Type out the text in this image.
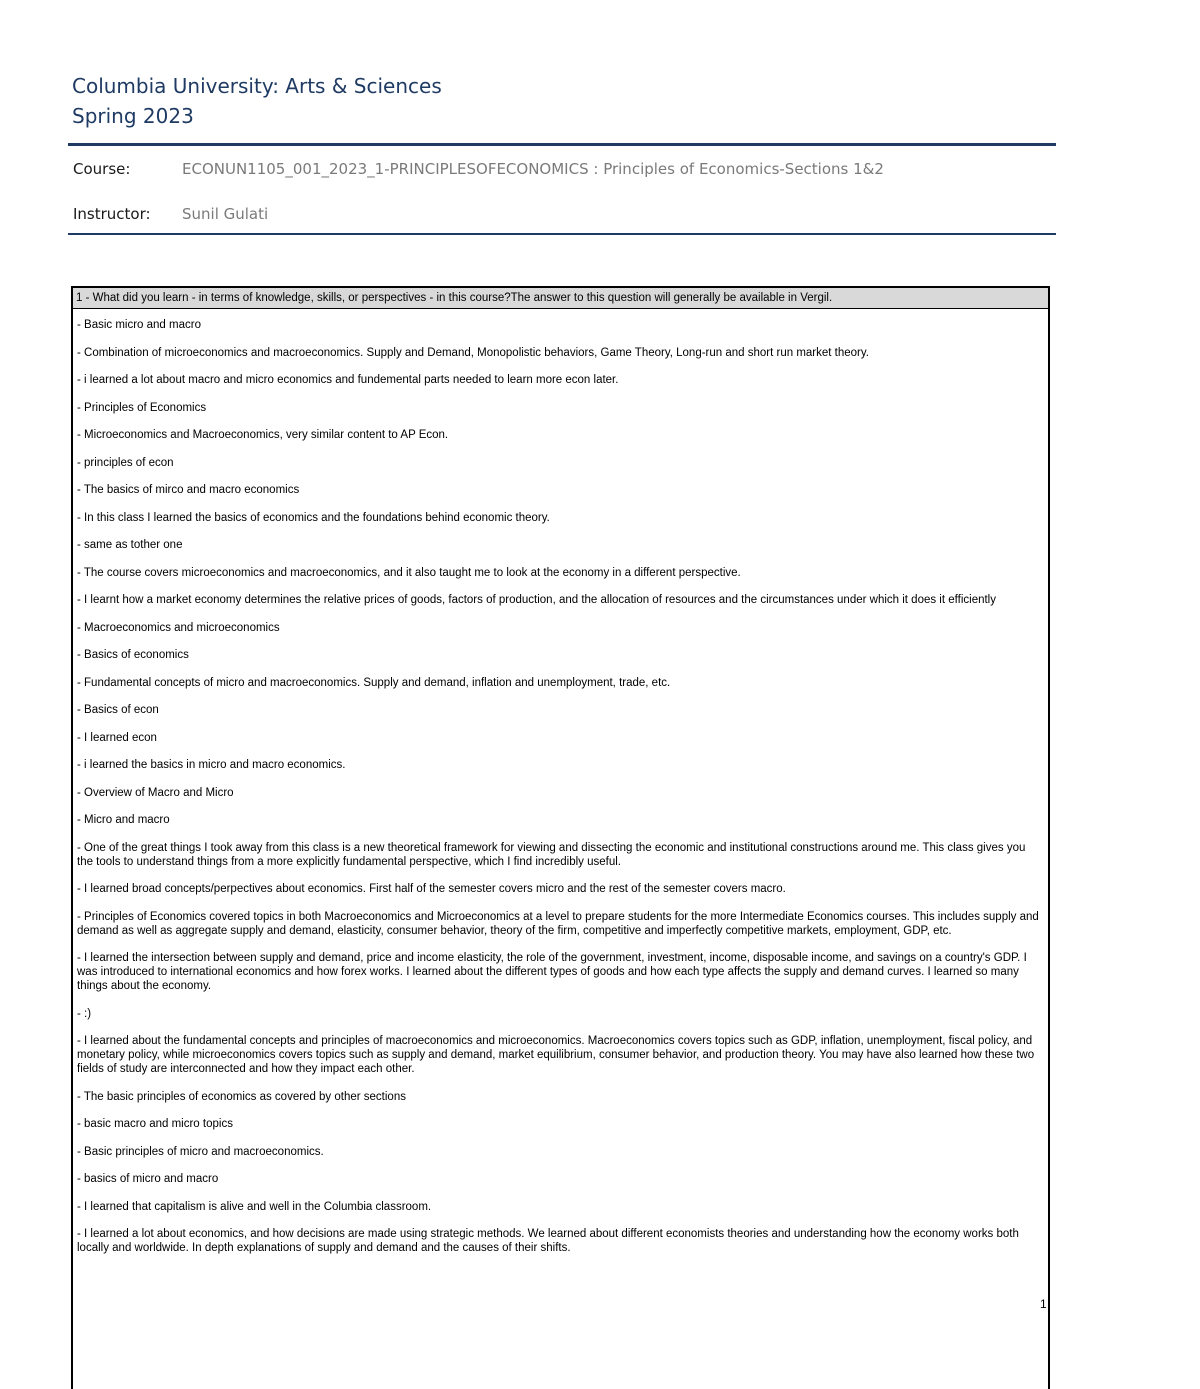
Columbia University: Arts & Sciences
Spring 2023
Course:	ECONUN1105_001_2023_1-PRINCIPLESOFECONOMICS : Principles of Economics-Sections 1&2
Instructor: Sunil Gulati
1 - What did you learn - in terms of knowledge, skills, or perspectives - in this course?The answer to this question will generally be available in Vergil.
- Basic micro and macro
- Combination of microeconomics and macroeconomics. Supply and Demand, Monopolistic behaviors, Game Theory, Long-run and short run market theory.
- i learned a lot about macro and micro economics and fundemental parts needed to learn more econ later.
- Principles of Economics
- Microeconomics and Macroeconomics, very similar content to AP Econ.
- principles of econ
- The basics of mirco and macro economics
- In this class I learned the basics of economics and the foundations behind economic theory.
- same as tother one
- The course covers microeconomics and macroeconomics, and it also taught me to look at the economy in a different perspective.
- I learnt how a market economy determines the relative prices of goods, factors of production, and the allocation of resources and the circumstances under which it does it efficiently
- Macroeconomics and microeconomics
- Basics of economics
- Fundamental concepts of micro and macroeconomics. Supply and demand, inflation and unemployment, trade, etc.
- Basics of econ
- I learned econ
- i learned the basics in micro and macro economics.
- Overview of Macro and Micro
- Micro and macro
- One of the great things I took away from this class is a new theoretical framework for viewing and dissecting the economic and institutional constructions around me. This class gives you the tools to understand things from a more explicitly fundamental perspective, which I find incredibly useful.
- I learned broad concepts/perpectives about economics. First half of the semester covers micro and the rest of the semester covers macro.
- Principles of Economics covered topics in both Macroeconomics and Microeconomics at a level to prepare students for the more Intermediate Economics courses. This includes supply and demand as well as aggregate supply and demand, elasticity, consumer behavior, theory of the firm, competitive and imperfectly competitive markets, employment, GDP, etc.
- I learned the intersection between supply and demand, price and income elasticity, the role of the government, investment, income, disposable income, and savings on a country's GDP. I was introduced to international economics and how forex works. I learned about the different types of goods and how each type affects the supply and demand curves. I learned so many things about the economy.
- :)
- I learned about the fundamental concepts and principles of macroeconomics and microeconomics. Macroeconomics covers topics such as GDP, inflation, unemployment, fiscal policy, and monetary policy, while microeconomics covers topics such as supply and demand, market equilibrium, consumer behavior, and production theory. You may have also learned how these two fields of study are interconnected and how they impact each other.
- The basic principles of economics as covered by other sections
- basic macro and micro topics
- Basic principles of micro and macroeconomics.
- basics of micro and macro
- I learned that capitalism is alive and well in the Columbia classroom.
- I learned a lot about economics, and how decisions are made using strategic methods. We learned about different economists theories and understanding how the economy works both locally and worldwide. In depth explanations of supply and demand and the causes of their shifts.
1
